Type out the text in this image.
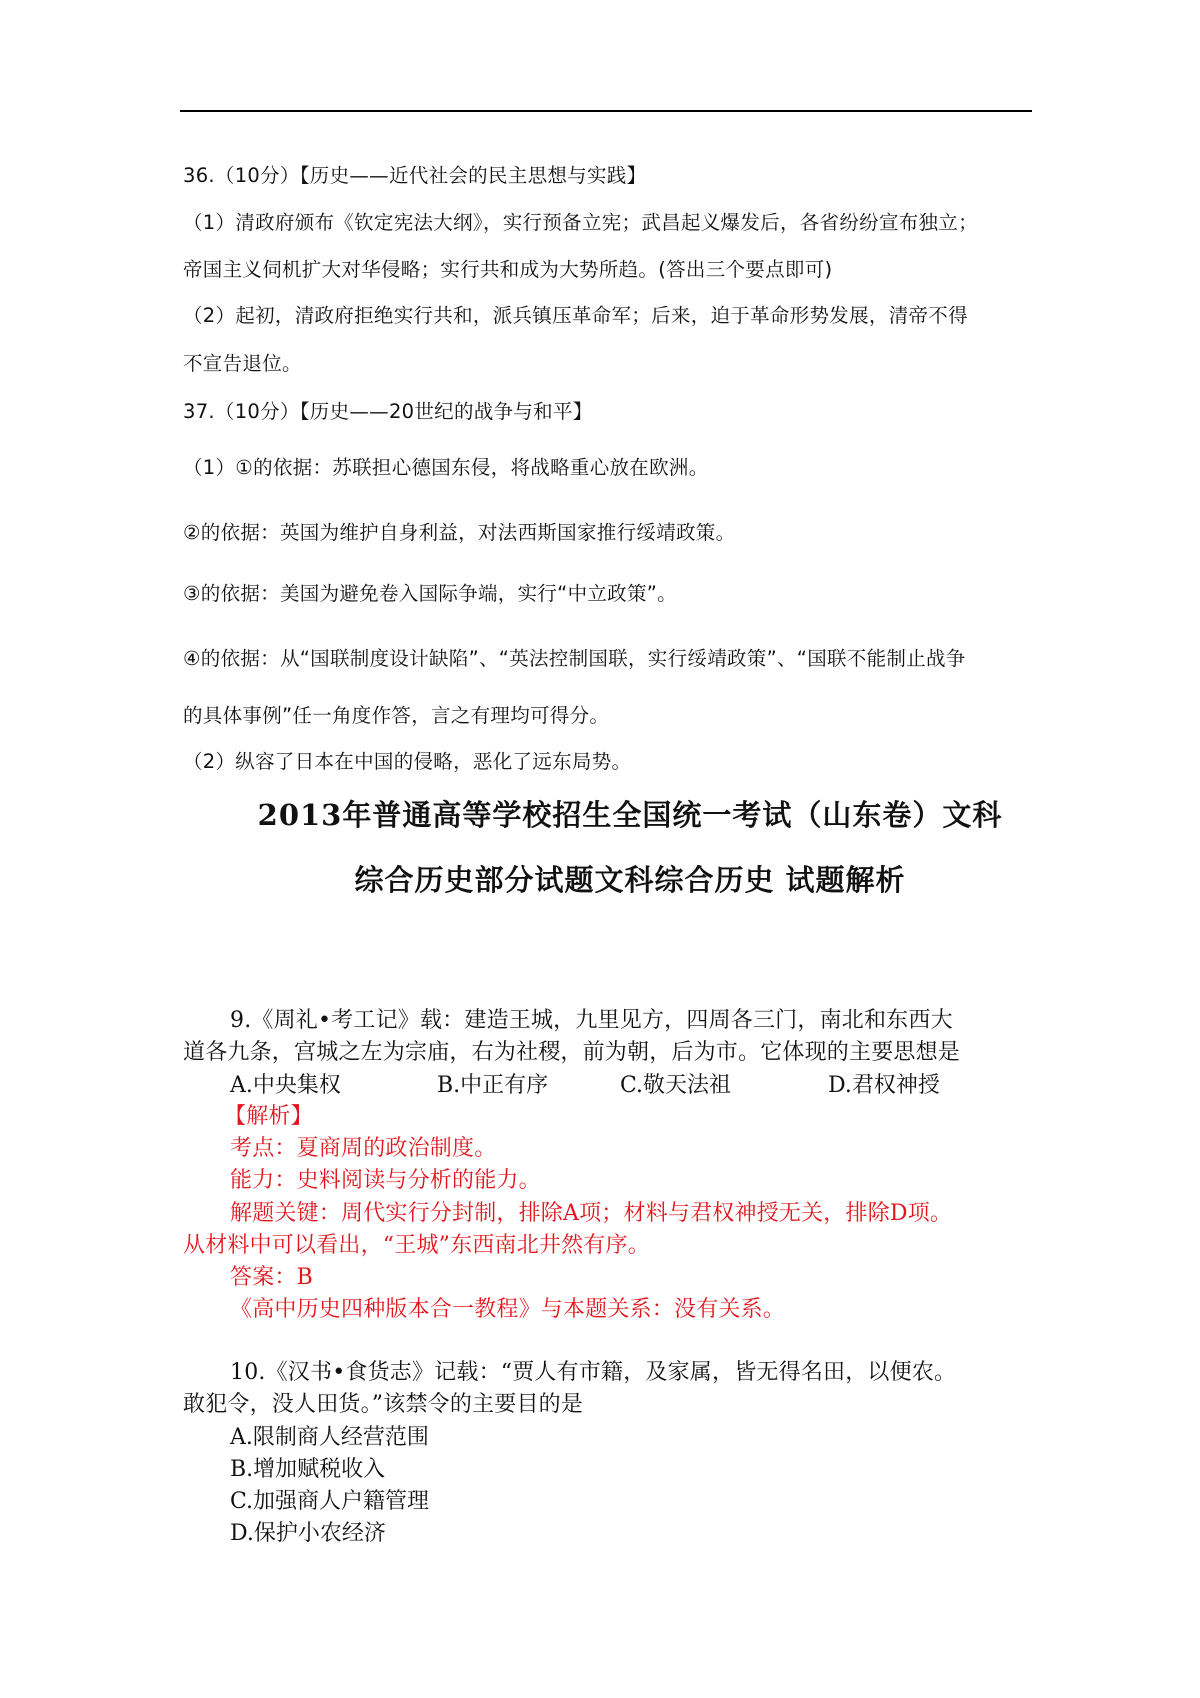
36.（10分）【历史——近代社会的民主思想与实践】
（1）清政府颁布《钦定宪法大纲》，实行预备立宪；武昌起义爆发后，各省纷纷宣布独立；
帝国主义伺机扩大对华侵略；实行共和成为大势所趋。(答出三个要点即可)
（2）起初，清政府拒绝实行共和，派兵镇压革命军；后来，迫于革命形势发展，清帝不得
不宣告退位。
37.（10分）【历史——20世纪的战争与和平】
（1）①的依据：苏联担心德国东侵，将战略重心放在欧洲。
②的依据：英国为维护自身利益，对法西斯国家推行绥靖政策。
③的依据：美国为避免卷入国际争端，实行“中立政策”。
④的依据：从“国联制度设计缺陷”、“英法控制国联，实行绥靖政策”、“国联不能制止战争
的具体事例”任一角度作答，言之有理均可得分。
（2）纵容了日本在中国的侵略，恶化了远东局势。
2013年普通高等学校招生全国统一考试（山东卷）文科
综合历史部分试题文科综合历史 试题解析
9.《周礼•考工记》载：建造王城，九里见方，四周各三门，南北和东西大
道各九条，宫城之左为宗庙，右为社稷，前为朝，后为市。它体现的主要思想是
A.中央集权	B.中正有序	C.敬天法祖	D.君权神授
【解析】
考点：夏商周的政治制度。
能力：史料阅读与分析的能力。
解题关键：周代实行分封制，排除A项；材料与君权神授无关，排除D项。
从材料中可以看出，“王城”东西南北井然有序。
答案：B
《高中历史四种版本合一教程》与本题关系：没有关系。
10.《汉书•食货志》记载：“贾人有市籍，及家属，皆无得名田，以便农。
敢犯令，没人田货。”该禁令的主要目的是
A.限制商人经营范围
B.增加赋税收入
C.加强商人户籍管理
D.保护小农经济
